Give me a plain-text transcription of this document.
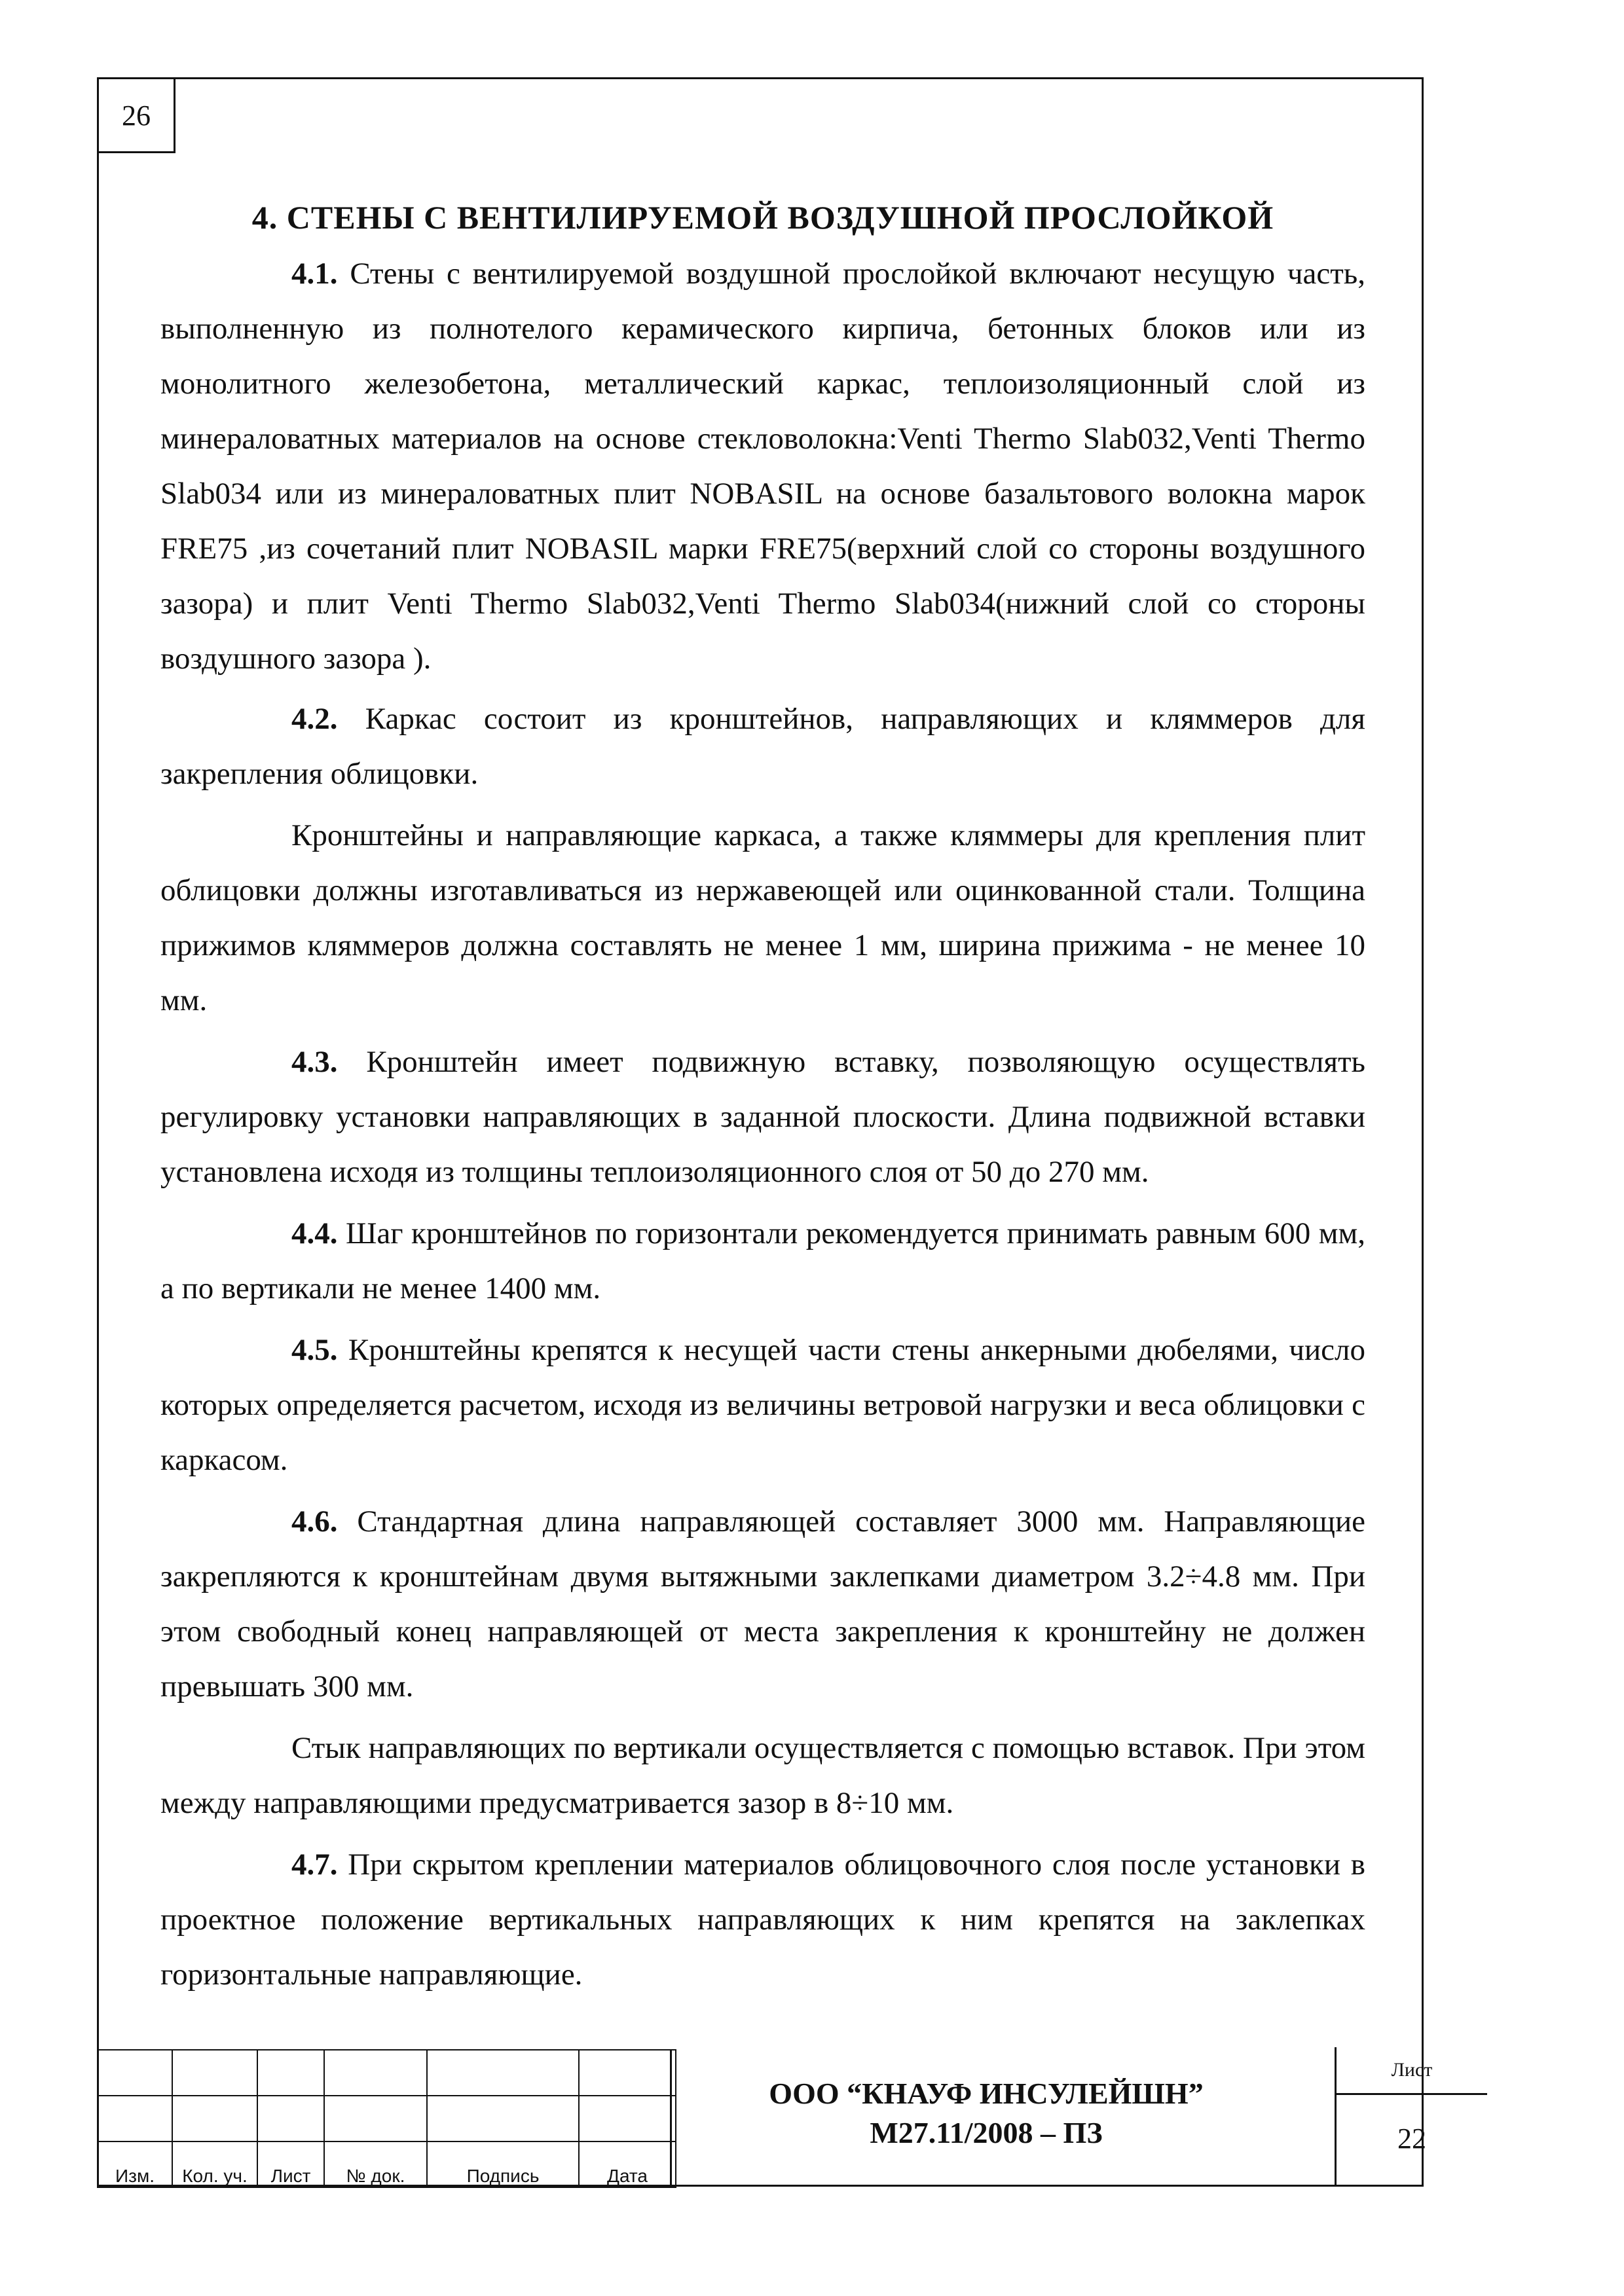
26

4. СТЕНЫ С ВЕНТИЛИРУЕМОЙ ВОЗДУШНОЙ ПРОСЛОЙКОЙ

4.1. Стены с вентилируемой воздушной прослойкой включают несущую часть, выполненную из полнотелого керамического кирпича, бетонных блоков или из монолитного железобетона, металлический каркас, теплоизоляционный слой из минераловатных материалов на основе стекловолокна:Venti Thermo Slab032,Venti Thermo Slab034 или из минераловатных плит NOBASIL на основе базальтового волокна марок FRE75 ,из сочетаний плит NOBASIL марки FRE75(верхний слой со стороны воздушного зазора) и плит Venti Thermo Slab032,Venti Thermo Slab034(нижний слой со стороны воздушного зазора ).

4.2. Каркас состоит из кронштейнов, направляющих и кляммеров для закрепления облицовки.

Кронштейны и направляющие каркаса, а также кляммеры для крепления плит облицовки должны изготавливаться из нержавеющей или оцинкованной стали. Толщина прижимов кляммеров должна составлять не менее 1 мм, ширина прижима - не менее 10 мм.

4.3. Кронштейн имеет подвижную вставку, позволяющую осуществлять регулировку установки направляющих в заданной плоскости. Длина подвижной вставки установлена исходя из толщины теплоизоляционного слоя от 50 до 270 мм.

4.4. Шаг кронштейнов по горизонтали рекомендуется принимать равным 600 мм, а по вертикали не менее 1400 мм.

4.5. Кронштейны крепятся к несущей части стены анкерными дюбелями, число которых определяется расчетом, исходя из величины ветровой нагрузки и веса облицовки с каркасом.

4.6. Стандартная длина направляющей составляет 3000 мм. Направляющие закрепляются к кронштейнам двумя вытяжными заклепками диаметром 3.2÷4.8 мм. При этом свободный конец направляющей от места закрепления к кронштейну не должен превышать 300 мм.

Стык направляющих по вертикали осуществляется с помощью вставок. При этом между направляющими предусматривается зазор в 8÷10 мм.

4.7. При скрытом креплении материалов облицовочного слоя после установки в проектное положение вертикальных направляющих к ним крепятся на заклепках горизонтальные направляющие.

Изм.	Кол. уч.	Лист	№ док.	Подпись	Дата
ООО “КНАУФ ИНСУЛЕЙШН”
М27.11/2008 – ПЗ
Лист
22
